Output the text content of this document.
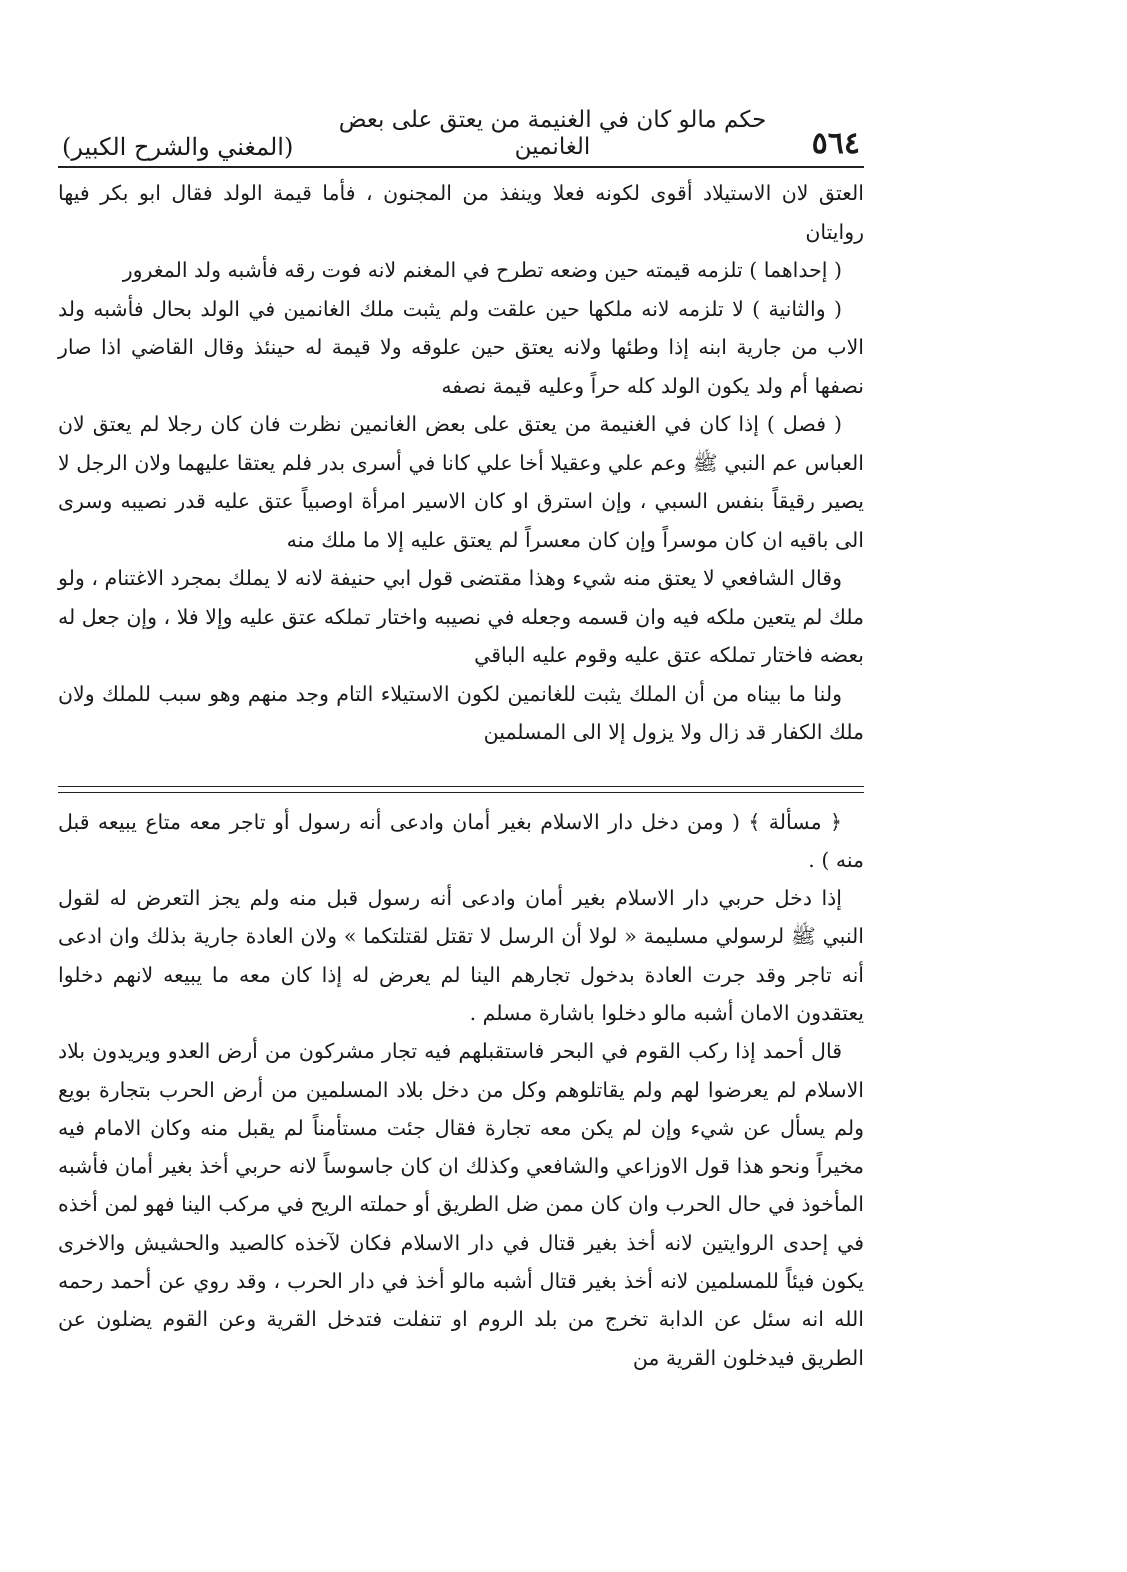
٥٦٤
حكم مالو كان في الغنيمة من يعتق على بعض الغانمين
(المغني والشرح الكبير)

العتق لان الاستيلاد أقوى لكونه فعلا وينفذ من المجنون ، فأما قيمة الولد فقال ابو بكر فيها روايتان

( إحداهما ) تلزمه قيمته حين وضعه تطرح في المغنم لانه فوت رقه فأشبه ولد المغرور

( والثانية ) لا تلزمه لانه ملكها حين علقت ولم يثبت ملك الغانمين في الولد بحال فأشبه ولد الاب من جارية ابنه إذا وطئها ولانه يعتق حين علوقه ولا قيمة له حينئذ وقال القاضي اذا صار نصفها أم ولد يكون الولد كله حراً وعليه قيمة نصفه

( فصل ) إذا كان في الغنيمة من يعتق على بعض الغانمين نظرت فان كان رجلا لم يعتق لان العباس عم النبي ﷺ وعم علي وعقيلا أخا علي كانا في أسرى بدر فلم يعتقا عليهما ولان الرجل لا يصير رقيقاً بنفس السبي ، وإن استرق او كان الاسير امرأة اوصبياً عتق عليه قدر نصيبه وسرى الى باقيه ان كان موسراً وإن كان معسراً لم يعتق عليه إلا ما ملك منه

وقال الشافعي لا يعتق منه شيء وهذا مقتضى قول ابي حنيفة لانه لا يملك بمجرد الاغتنام ، ولو ملك لم يتعين ملكه فيه وان قسمه وجعله في نصيبه واختار تملكه عتق عليه وإلا فلا ، وإن جعل له بعضه فاختار تملكه عتق عليه وقوم عليه الباقي

ولنا ما بيناه من أن الملك يثبت للغانمين لكون الاستيلاء التام وجد منهم وهو سبب للملك ولان ملك الكفار قد زال ولا يزول إلا الى المسلمين

﴿ مسألة ﴾ ( ومن دخل دار الاسلام بغير أمان وادعى أنه رسول أو تاجر معه متاع يبيعه قبل منه ) .

إذا دخل حربي دار الاسلام بغير أمان وادعى أنه رسول قبل منه ولم يجز التعرض له لقول النبي ﷺ لرسولي مسليمة « لولا أن الرسل لا تقتل لقتلتكما » ولان العادة جارية بذلك وان ادعى أنه تاجر وقد جرت العادة بدخول تجارهم الينا لم يعرض له إذا كان معه ما يبيعه لانهم دخلوا يعتقدون الامان أشبه مالو دخلوا باشارة مسلم .

قال أحمد إذا ركب القوم في البحر فاستقبلهم فيه تجار مشركون من أرض العدو ويريدون بلاد الاسلام لم يعرضوا لهم ولم يقاتلوهم وكل من دخل بلاد المسلمين من أرض الحرب بتجارة بويع ولم يسأل عن شيء وإن لم يكن معه تجارة فقال جئت مستأمناً لم يقبل منه وكان الامام فيه مخيراً ونحو هذا قول الاوزاعي والشافعي وكذلك ان كان جاسوساً لانه حربي أخذ بغير أمان فأشبه المأخوذ في حال الحرب وان كان ممن ضل الطريق أو حملته الريح في مركب الينا فهو لمن أخذه في إحدى الروايتين لانه أخذ بغير قتال في دار الاسلام فكان لآخذه كالصيد والحشيش والاخرى يكون فيئاً للمسلمين لانه أخذ بغير قتال أشبه مالو أخذ في دار الحرب ، وقد روي عن أحمد رحمه الله انه سئل عن الدابة تخرج من بلد الروم او تنفلت فتدخل القرية وعن القوم يضلون عن الطريق فيدخلون القرية من
